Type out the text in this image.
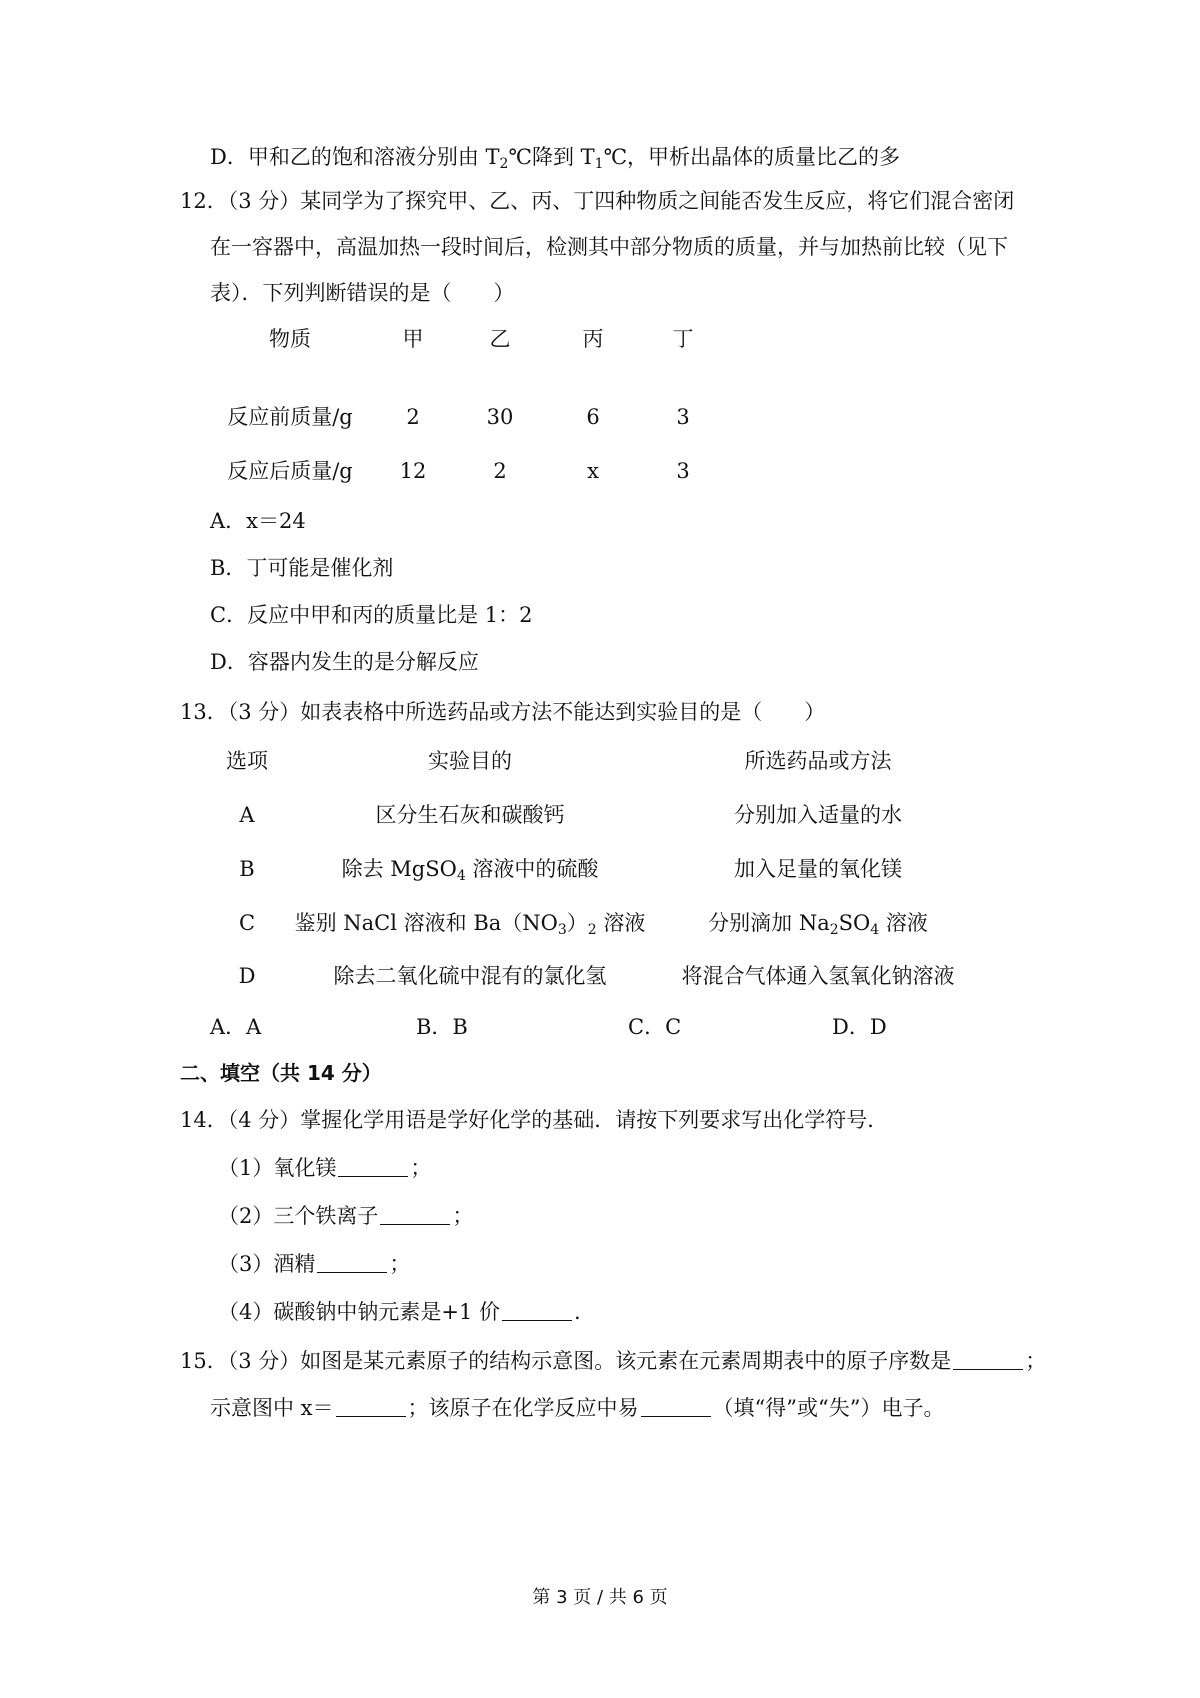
D．甲和乙的饱和溶液分别由 $T_2℃$降到 $T_1℃$，甲析出晶体的质量比乙的多
12．（3 分）某同学为了探究甲、乙、丙、丁四种物质之间能否发生反应，将它们混合密闭
在一容器中，高温加热一段时间后，检测其中部分物质的质量，并与加热前比较（见下
表）．下列判断错误的是（　　）
物质	甲	乙	丙	丁
反应前质量/g	2	30	6	3
反应后质量/g 12	2	x	3
A．x＝24
B．丁可能是催化剂
C．反应中甲和丙的质量比是 1：2
D．容器内发生的是分解反应
13．（3 分）如表表格中所选药品或方法不能达到实验目的是（　　）
选项	实验目的	所选药品或方法
A	区分生石灰和碳酸钙	分别加入适量的水
B	除去 MgSO$_4$ 溶液中的硫酸	加入足量的氧化镁
C 鉴别 NaCl 溶液和 $Ba(NO_3)_2$ 溶液	分别滴加 $Na_2SO_4$ 溶液
D	除去二氧化硫中混有的氯化氢	将混合气体通入氢氧化钠溶液
A．A	B．B	C．C	D．D
二、填空（共 14 分）
14．（4 分）掌握化学用语是学好化学的基础．请按下列要求写出化学符号．
（1）氧化镁	；
（2）三个铁离子	；
（3）酒精	；
（4）碳酸钠中钠元素是+1 价	.
15．（3 分）如图是某元素原子的结构示意图。该元素在元素周期表中的原子序数是	；
示意图中 x＝	；该原子在化学反应中易	（填“得”或“失”）电子。
第 3 页 / 共 6 页
